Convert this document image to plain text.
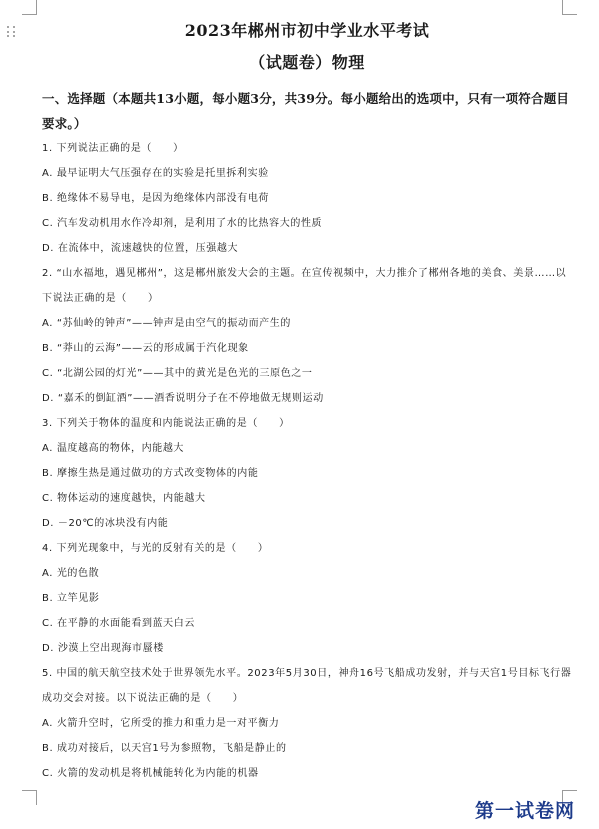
2023年郴州市初中学业水平考试
（试题卷）物理
一、选择题（本题共13小题，每小题3分，共39分。每小题给出的选项中，只有一项符合题目要求。）
1. 下列说法正确的是（　　）
A. 最早证明大气压强存在的实验是托里拆利实验
B. 绝缘体不易导电，是因为绝缘体内部没有电荷
C. 汽车发动机用水作冷却剂，是利用了水的比热容大的性质
D. 在流体中，流速越快的位置，压强越大
2. “山水福地，遇见郴州”，这是郴州旅发大会的主题。在宣传视频中，大力推介了郴州各地的美食、美景……以下说法正确的是（　　）
A. “苏仙岭的钟声”——钟声是由空气的振动而产生的
B. “莽山的云海”——云的形成属于汽化现象
C. “北湖公园的灯光”——其中的黄光是色光的三原色之一
D. “嘉禾的倒缸酒”——酒香说明分子在不停地做无规则运动
3. 下列关于物体的温度和内能说法正确的是（　　）
A. 温度越高的物体，内能越大
B. 摩擦生热是通过做功的方式改变物体的内能
C. 物体运动的速度越快，内能越大
D. －20℃的冰块没有内能
4. 下列光现象中，与光的反射有关的是（　　）
A. 光的色散
B. 立竿见影
C. 在平静的水面能看到蓝天白云
D. 沙漠上空出现海市蜃楼
5. 中国的航天航空技术处于世界领先水平。2023年5月30日，神舟16号飞船成功发射，并与天宫1号目标飞行器成功交会对接。以下说法正确的是（　　）
A. 火箭升空时，它所受的推力和重力是一对平衡力
B. 成功对接后，以天宫1号为参照物，飞船是静止的
C. 火箭的发动机是将机械能转化为内能的机器
第一试卷网
